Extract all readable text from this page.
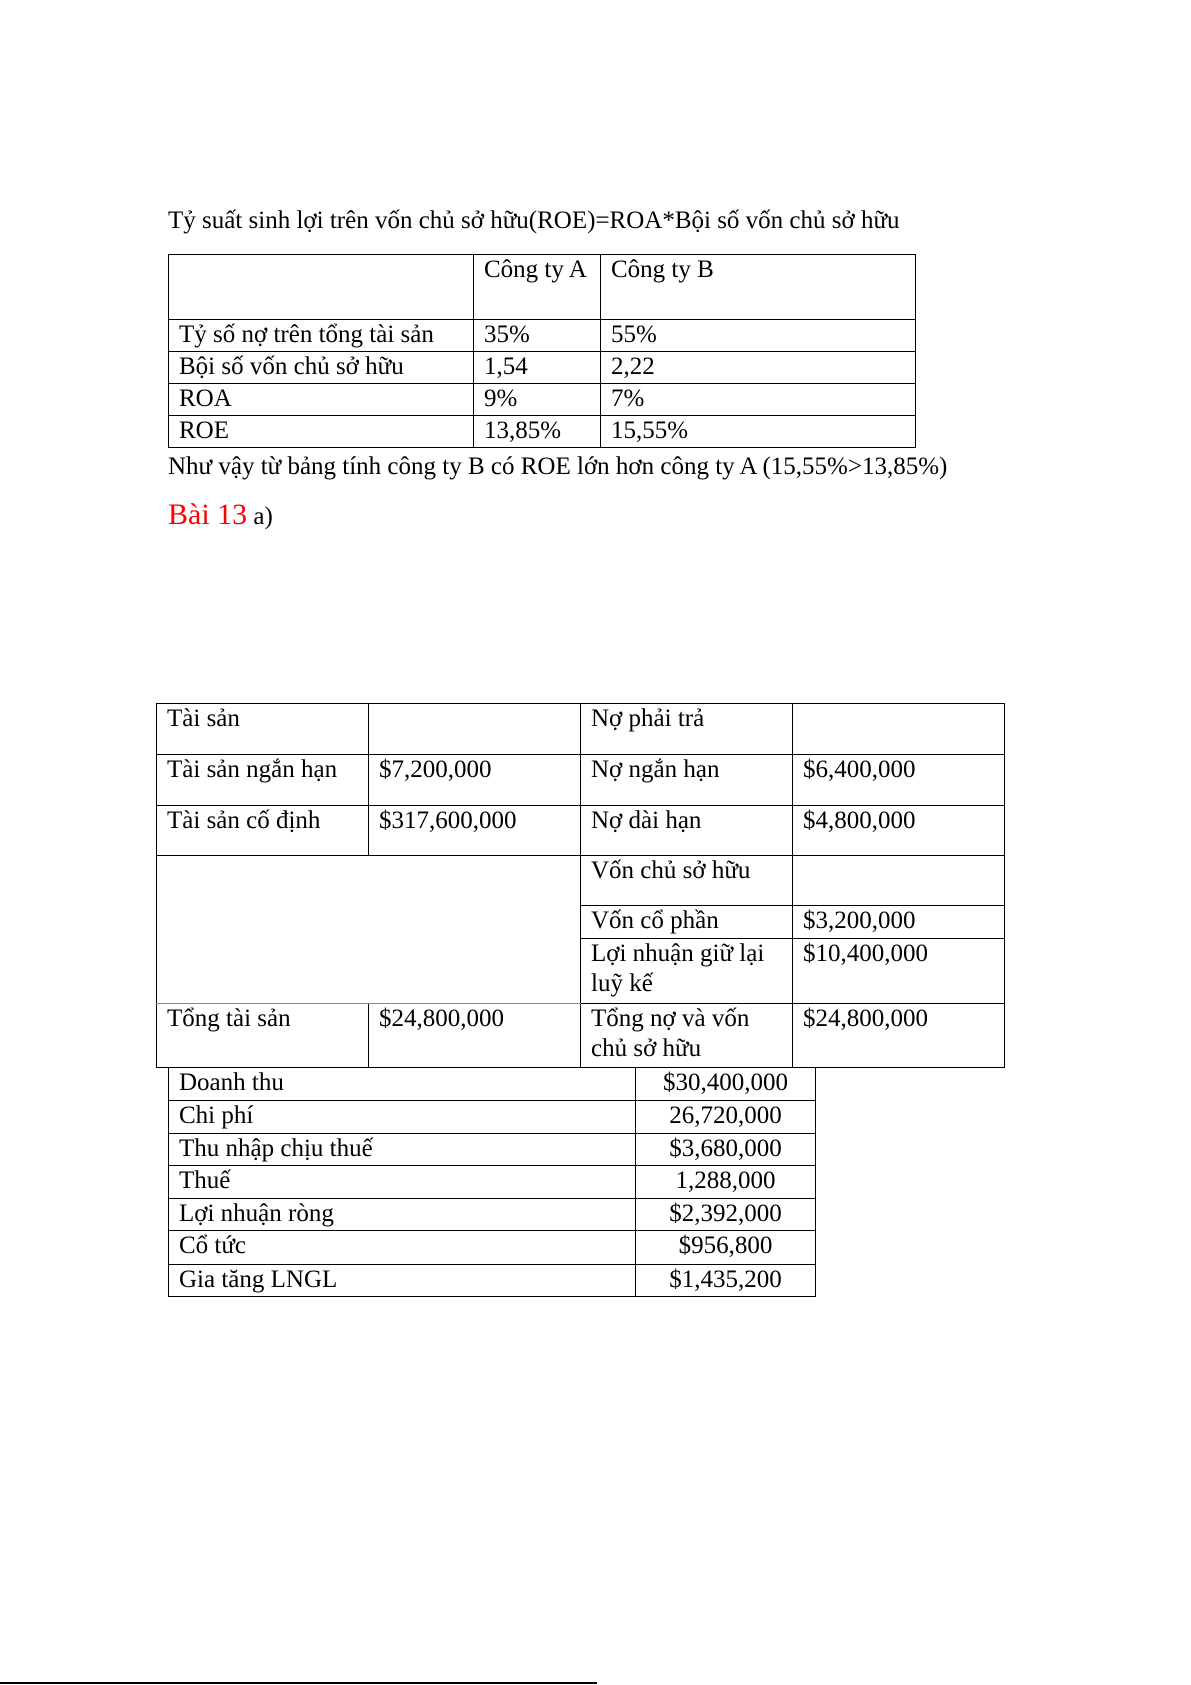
Tỷ suất sinh lợi trên vốn chủ sở hữu(ROE)=ROA*Bội số vốn chủ sở hữu
	Công ty A	Công ty B
Tỷ số nợ trên tổng tài sản	35%	55%
Bội số vốn chủ sở hữu	1,54	2,22
ROA	9%	7%
ROE	13,85%	15,55%
Như vậy từ bảng tính công ty B có ROE lớn hơn công ty A (15,55%>13,85%)
Bài 13 a)
Tài sản		Nợ phải trả	
Tài sản ngắn hạn	$7,200,000	Nợ ngắn hạn	$6,400,000
Tài sản cố định	$317,600,000	Nợ dài hạn	$4,800,000
		Vốn chủ sở hữu	
		Vốn cổ phần	$3,200,000
		Lợi nhuận giữ lại luỹ kế	$10,400,000
Tổng tài sản	$24,800,000	Tổng nợ và vốn chủ sở hữu	$24,800,000
Doanh thu	$30,400,000
Chi phí	26,720,000
Thu nhập chịu thuế	$3,680,000
Thuế	1,288,000
Lợi nhuận ròng	$2,392,000
Cổ tức	$956,800
Gia tăng LNGL	$1,435,200
